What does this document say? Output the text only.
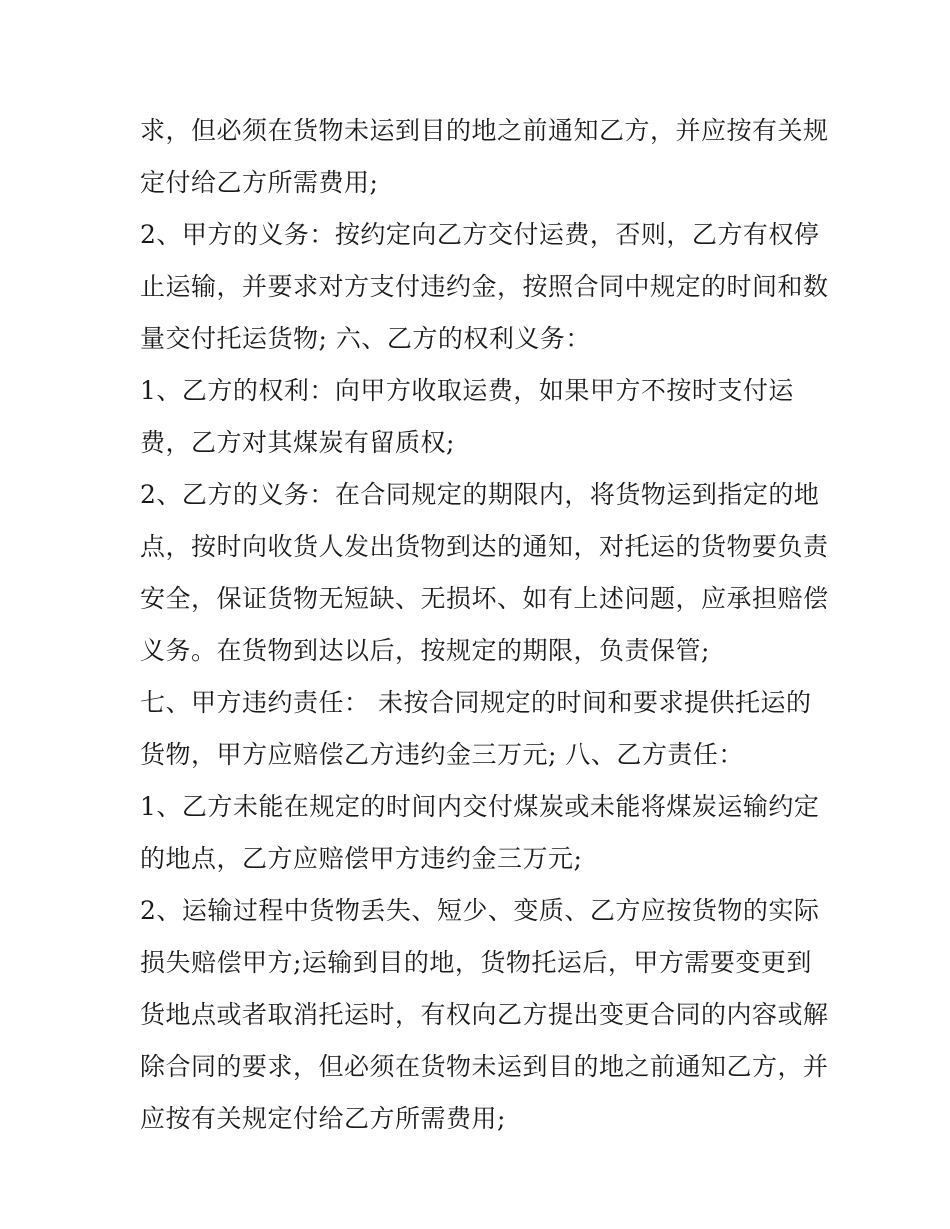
求，但必须在货物未运到目的地之前通知乙方，并应按有关规
定付给乙方所需费用;
2、甲方的义务：按约定向乙方交付运费，否则，乙方有权停
止运输，并要求对方支付违约金，按照合同中规定的时间和数
量交付托运货物; 六、乙方的权利义务：
1、乙方的权利：向甲方收取运费，如果甲方不按时支付运
费，乙方对其煤炭有留质权;
2、乙方的义务：在合同规定的期限内，将货物运到指定的地
点，按时向收货人发出货物到达的通知，对托运的货物要负责
安全，保证货物无短缺、无损坏、如有上述问题，应承担赔偿
义务。在货物到达以后，按规定的期限，负责保管;
七、甲方违约责任： 未按合同规定的时间和要求提供托运的
货物，甲方应赔偿乙方违约金三万元; 八、乙方责任：
1、乙方未能在规定的时间内交付煤炭或未能将煤炭运输约定
的地点，乙方应赔偿甲方违约金三万元;
2、运输过程中货物丢失、短少、变质、乙方应按货物的实际
损失赔偿甲方;运输到目的地，货物托运后，甲方需要变更到
货地点或者取消托运时，有权向乙方提出变更合同的内容或解
除合同的要求，但必须在货物未运到目的地之前通知乙方，并
应按有关规定付给乙方所需费用;
